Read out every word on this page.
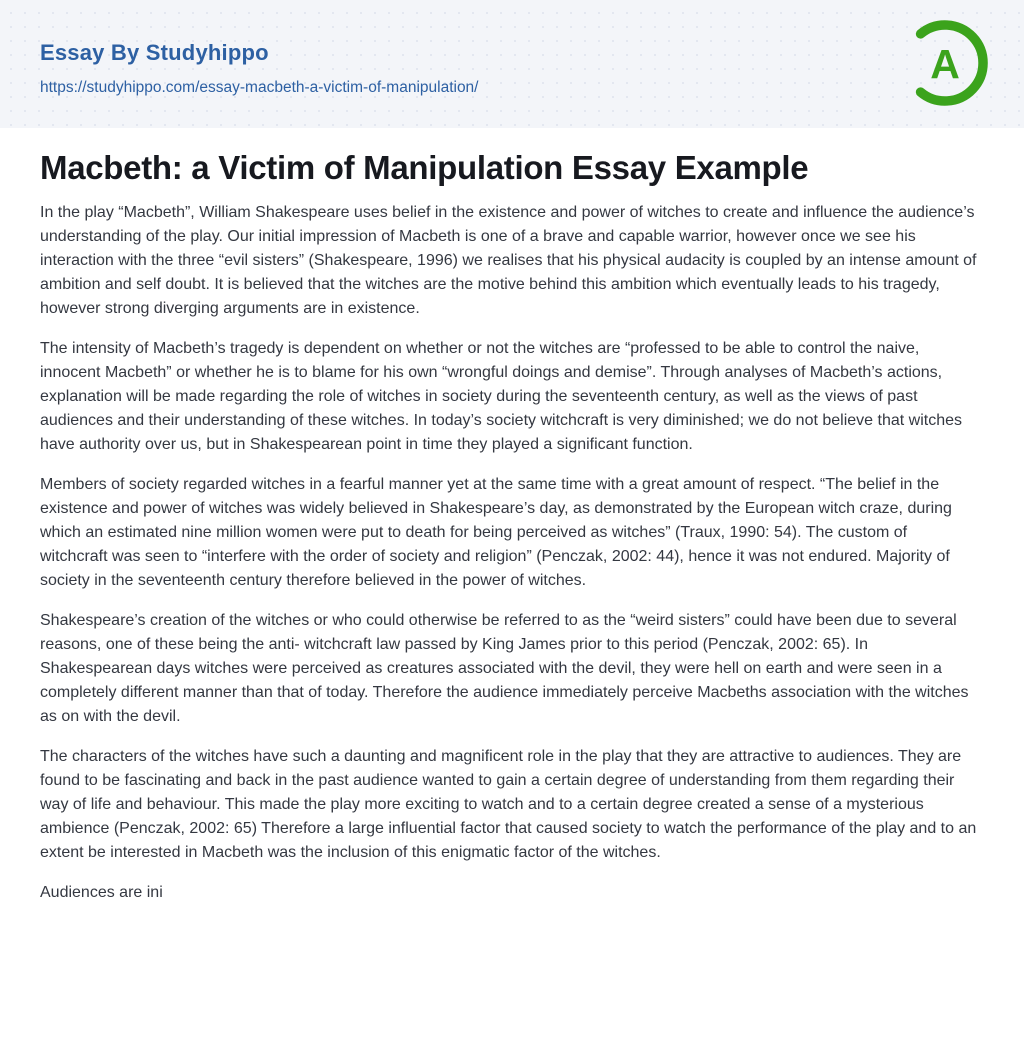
Essay By Studyhippo
https://studyhippo.com/essay-macbeth-a-victim-of-manipulation/
A
Macbeth: a Victim of Manipulation Essay Example

In the play “Macbeth”, William Shakespeare uses belief in the existence and power of witches to create and influence the audience’s understanding of the play. Our initial impression of Macbeth is one of a brave and capable warrior, however once we see his interaction with the three “evil sisters” (Shakespeare, 1996) we realises that his physical audacity is coupled by an intense amount of ambition and self doubt. It is believed that the witches are the motive behind this ambition which eventually leads to his tragedy, however strong diverging arguments are in existence.

The intensity of Macbeth’s tragedy is dependent on whether or not the witches are “professed to be able to control the naive, innocent Macbeth” or whether he is to blame for his own “wrongful doings and demise”. Through analyses of Macbeth’s actions, explanation will be made regarding the role of witches in society during the seventeenth century, as well as the views of past audiences and their understanding of these witches. In today’s society witchcraft is very diminished; we do not believe that witches have authority over us, but in Shakespearean point in time they played a significant function.

Members of society regarded witches in a fearful manner yet at the same time with a great amount of respect. “The belief in the existence and power of witches was widely believed in Shakespeare’s day, as demonstrated by the European witch craze, during which an estimated nine million women were put to death for being perceived as witches” (Traux, 1990: 54). The custom of witchcraft was seen to “interfere with the order of society and religion” (Penczak, 2002: 44), hence it was not endured. Majority of society in the seventeenth century therefore believed in the power of witches.

Shakespeare’s creation of the witches or who could otherwise be referred to as the “weird sisters” could have been due to several reasons, one of these being the anti- witchcraft law passed by King James prior to this period (Penczak, 2002: 65). In Shakespearean days witches were perceived as creatures associated with the devil, they were hell on earth and were seen in a completely different manner than that of today. Therefore the audience immediately perceive Macbeths association with the witches as on with the devil.

The characters of the witches have such a daunting and magnificent role in the play that they are attractive to audiences. They are found to be fascinating and back in the past audience wanted to gain a certain degree of understanding from them regarding their way of life and behaviour. This made the play more exciting to watch and to a certain degree created a sense of a mysterious ambience (Penczak, 2002: 65) Therefore a large influential factor that caused society to watch the performance of the play and to an extent be interested in Macbeth was the inclusion of this enigmatic factor of the witches.

Audiences are ini
